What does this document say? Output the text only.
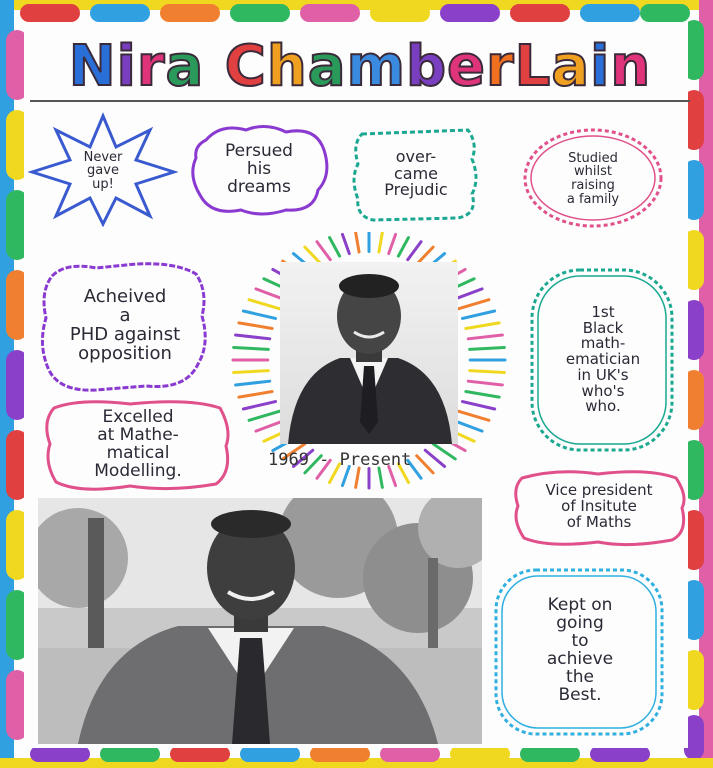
N i r a
C h a m b e r L a i n
Never
gave
up!
Persued
his
dreams
over-
came
Prejudic
Studied
whilst
raising
a family
1969 - Present
Acheived
a
PHD against
opposition
1st
Black
math-
ematician
in UK's
who's
who.
Excelled
at Mathe-
matical
Modelling.
Vice president
of Insitute
of Maths
Kept on
going
to
achieve
the
Best.
